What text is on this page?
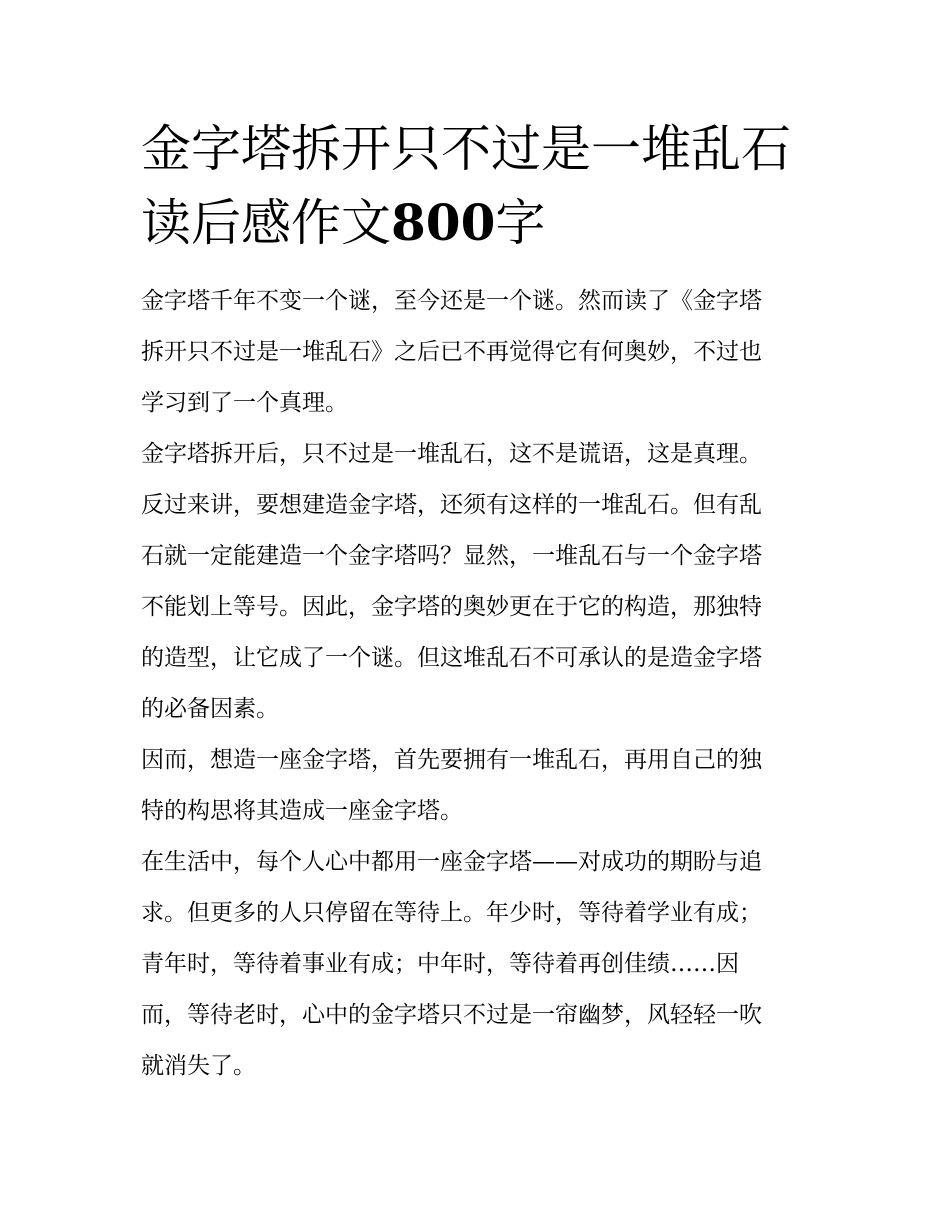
金字塔拆开只不过是一堆乱石
读后感作文800字
金字塔千年不变一个谜，至今还是一个谜。然而读了《金字塔
拆开只不过是一堆乱石》之后已不再觉得它有何奥妙，不过也
学习到了一个真理。
金字塔拆开后，只不过是一堆乱石，这不是谎语，这是真理。
反过来讲，要想建造金字塔，还须有这样的一堆乱石。但有乱
石就一定能建造一个金字塔吗？显然，一堆乱石与一个金字塔
不能划上等号。因此，金字塔的奥妙更在于它的构造，那独特
的造型，让它成了一个谜。但这堆乱石不可承认的是造金字塔
的必备因素。
因而，想造一座金字塔，首先要拥有一堆乱石，再用自己的独
特的构思将其造成一座金字塔。
在生活中，每个人心中都用一座金字塔——对成功的期盼与追
求。但更多的人只停留在等待上。年少时，等待着学业有成；
青年时，等待着事业有成；中年时，等待着再创佳绩……因
而，等待老时，心中的金字塔只不过是一帘幽梦，风轻轻一吹
就消失了。
